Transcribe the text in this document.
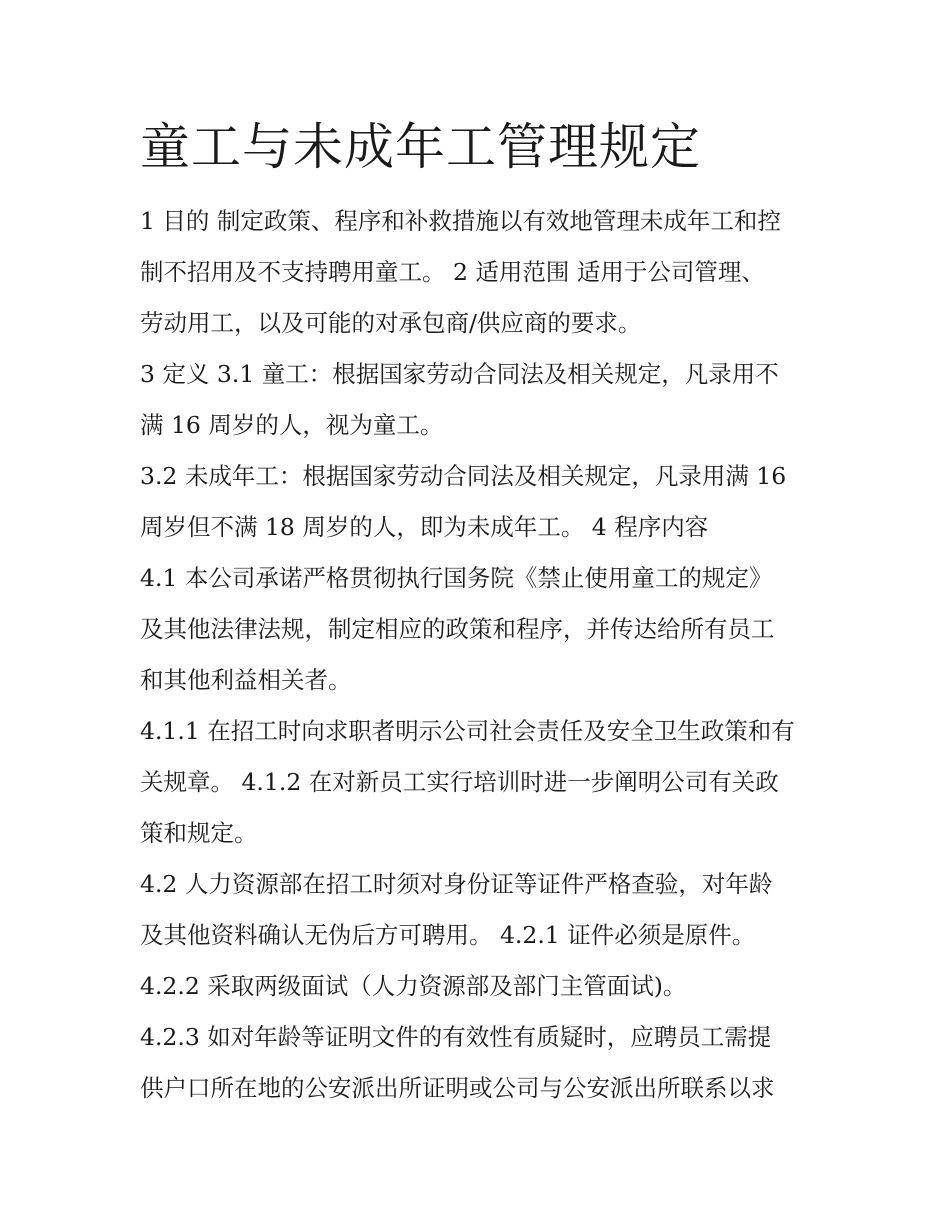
童工与未成年工管理规定

1 目的 制定政策、程序和补救措施以有效地管理未成年工和控

制不招用及不支持聘用童工。 2 适用范围 适用于公司管理、

劳动用工，以及可能的对承包商/供应商的要求。

3 定义 3.1 童工：根据国家劳动合同法及相关规定，凡录用不

满 16 周岁的人，视为童工。

3.2 未成年工：根据国家劳动合同法及相关规定，凡录用满 16

周岁但不满 18 周岁的人，即为未成年工。 4 程序内容

4.1 本公司承诺严格贯彻执行国务院《禁止使用童工的规定》

及其他法律法规，制定相应的政策和程序，并传达给所有员工

和其他利益相关者。

4.1.1 在招工时向求职者明示公司社会责任及安全卫生政策和有

关规章。 4.1.2 在对新员工实行培训时进一步阐明公司有关政

策和规定。

4.2 人力资源部在招工时须对身份证等证件严格查验，对年龄

及其他资料确认无伪后方可聘用。 4.2.1 证件必须是原件。

4.2.2 采取两级面试（人力资源部及部门主管面试)。

4.2.3 如对年龄等证明文件的有效性有质疑时，应聘员工需提

供户口所在地的公安派出所证明或公司与公安派出所联系以求
